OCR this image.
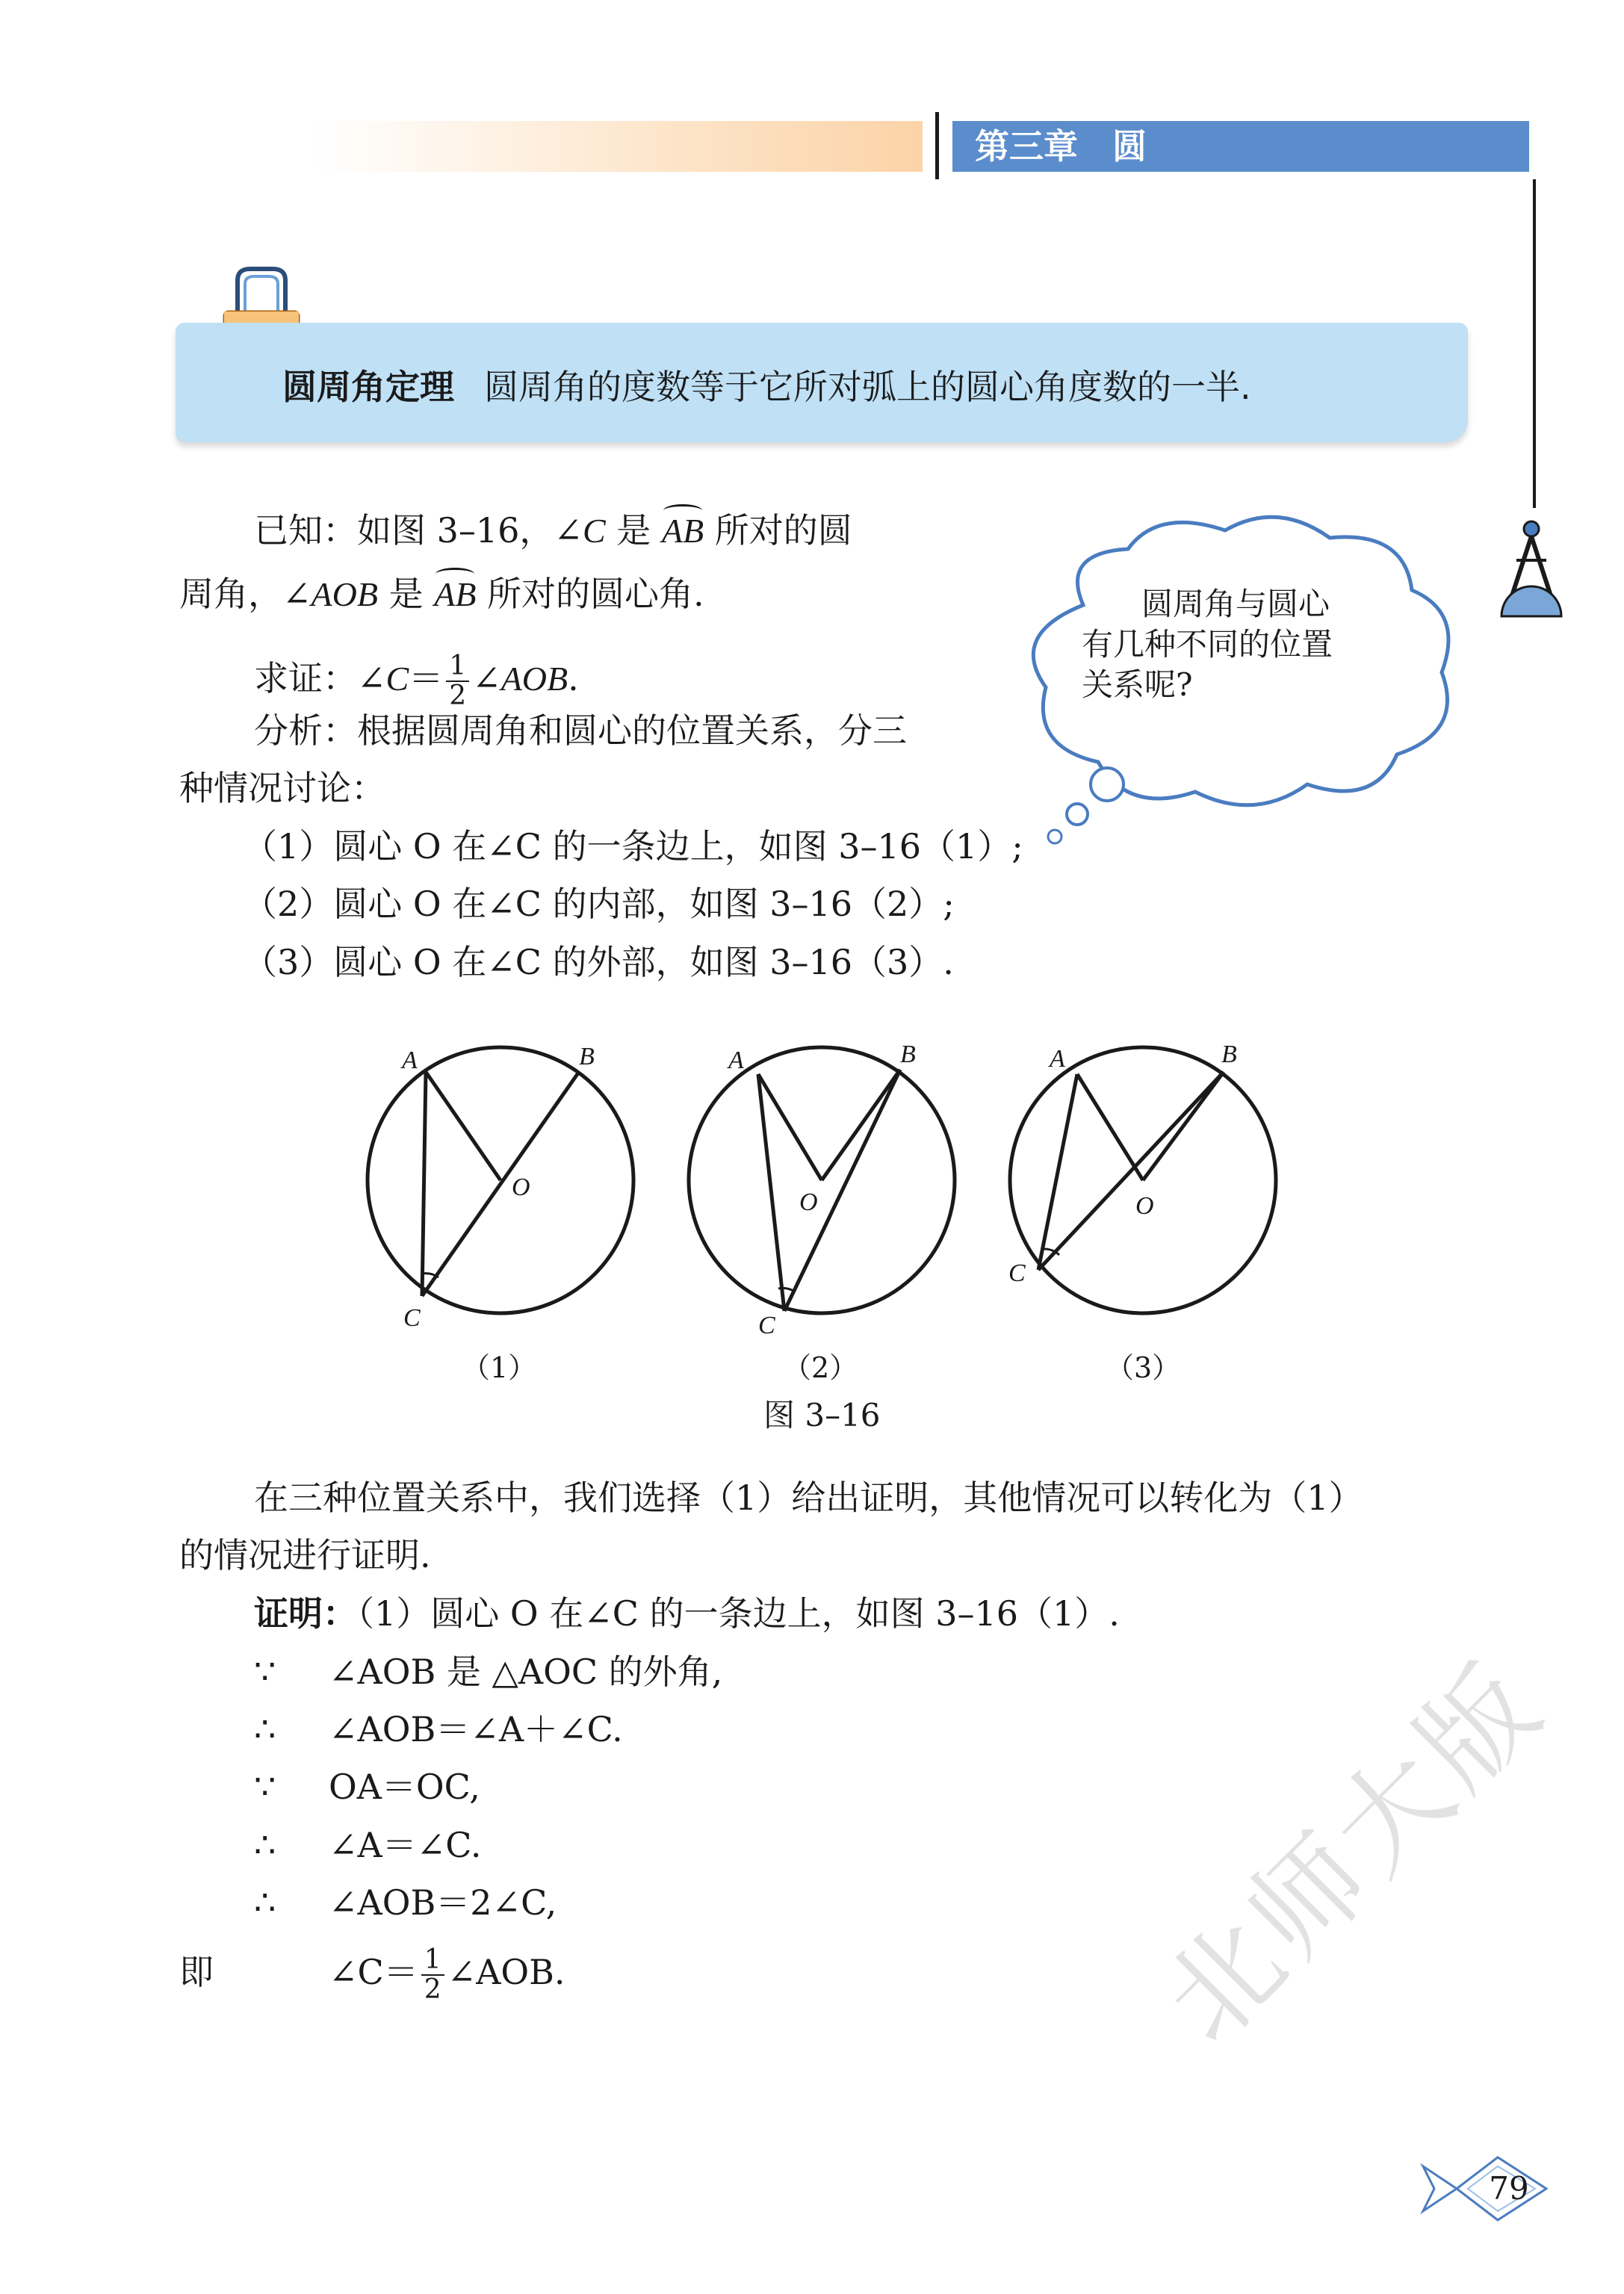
第三章　圆
圆周角定理 圆周角的度数等于它所对弧上的圆心角度数的一半.
已知：如图 3–16，∠C 是 AB 所对的圆
周角，∠AOB 是 AB 所对的圆心角.
求证：∠C＝ $\frac{1}{2}$ ∠AOB.
分析：根据圆周角和圆心的位置关系，分三
种情况讨论：
（1）圆心 O 在∠C 的一条边上，如图 3–16（1）;
（2）圆心 O 在∠C 的内部，如图 3–16（2）;
（3）圆心 O 在∠C 的外部，如图 3–16（3）.
圆周角与圆心
有几种不同的位置
关系呢?
A	B
O
C
A	B
O
C
A	B
O
C
（1）	（2）	（3）
图 3–16
在三种位置关系中，我们选择（1）给出证明，其他情况可以转化为（1）
的情况进行证明.
证明：（1）圆心 O 在∠C 的一条边上，如图 3–16（1）.
∵ ∠AOB 是 △AOC 的外角,
∴ ∠AOB＝∠A＋∠C.
∵ OA＝OC,
∴ ∠A＝∠C.
∴ ∠AOB＝2∠C,
即	∠C＝ $\frac{1}{2}$ ∠AOB.	北师大版
79
